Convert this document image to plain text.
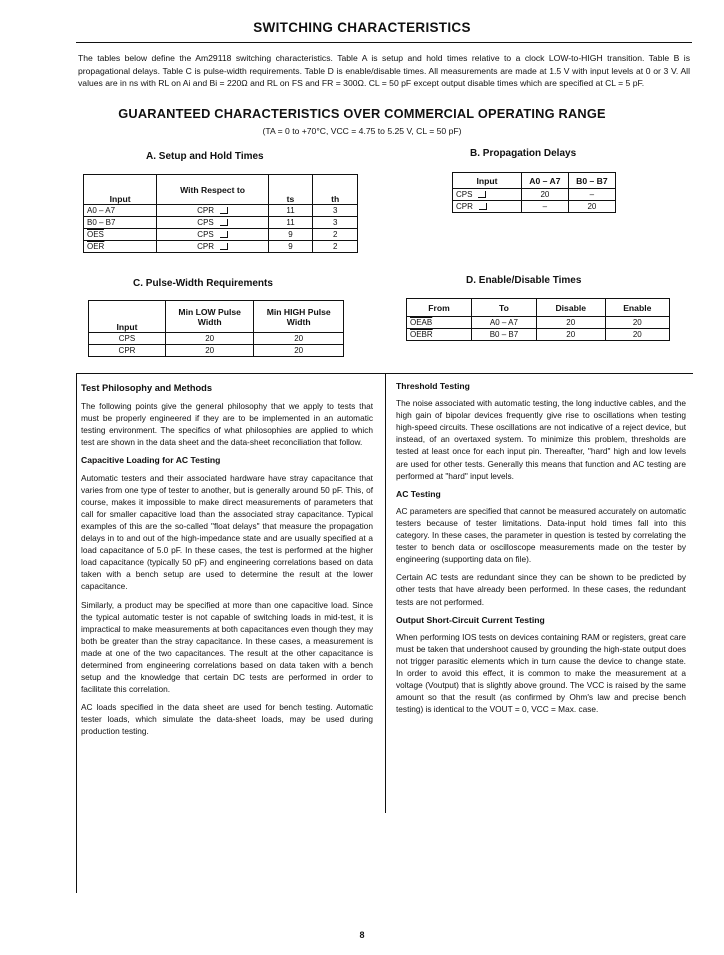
SWITCHING CHARACTERISTICS
The tables below define the Am29118 switching characteristics. Table A is setup and hold times relative to a clock LOW-to-HIGH transition. Table B is propagational delays. Table C is pulse-width requirements. Table D is enable/disable times. All measurements are made at 1.5 V with input levels at 0 or 3 V. All values are in ns with RL on Ai and Bi = 220Ω and RL on FS and FR = 300Ω. CL = 50 pF except output disable times which are specified at CL = 5 pF.
GUARANTEED CHARACTERISTICS OVER COMMERCIAL OPERATING RANGE
(TA = 0 to +70°C, VCC = 4.75 to 5.25 V, CL = 50 pF)
A. Setup and Hold Times
Input	With Respect to	ts	th
A0 – A7	CPR	11	3
B0 – B7	CPS	11	3
$\overline{OES}$	CPS	9	2
$\overline{OER}$	CPR	9	2
B. Propagation Delays
Input	A0 – A7	B0 – B7
CPS	20	–
CPR	–	20
C. Pulse-Width Requirements
Input	Min LOW Pulse Width	Min HIGH Pulse Width
CPS	20	20
CPR	20	20
D. Enable/Disable Times
From	To	Disable	Enable
OEAB	A0 – A7	20	20
OEBR	B0 – B7	20	20
Test Philosophy and Methods

The following points give the general philosophy that we apply to tests that must be properly engineered if they are to be implemented in an automatic testing environment. The specifics of what philosophies are applied to which test are shown in the data sheet and the data-sheet reconciliation that follow.

Capacitive Loading for AC Testing

Automatic testers and their associated hardware have stray capacitance that varies from one type of tester to another, but is generally around 50 pF. This, of course, makes it impossible to make direct measurements of parameters that call for smaller capacitive load than the associated stray capacitance. Typical examples of this are the so-called "float delays" that measure the propagation delays in to and out of the high-impedance state and are usually specified at a load capacitance of 5.0 pF. In these cases, the test is performed at the higher load capacitance (typically 50 pF) and engineering correlations based on data taken with a bench setup are used to determine the result at the lower capacitance.

Similarly, a product may be specified at more than one capacitive load. Since the typical automatic tester is not capable of switching loads in mid-test, it is impractical to make measurements at both capacitances even though they may both be greater than the stray capacitance. In these cases, a measurement is made at one of the two capacitances. The result at the other capacitance is determined from engineering correlations based on data taken with a bench setup and the knowledge that certain DC tests are performed in order to facilitate this correlation.

AC loads specified in the data sheet are used for bench testing. Automatic tester loads, which simulate the data-sheet loads, may be used during production testing.

Threshold Testing

The noise associated with automatic testing, the long inductive cables, and the high gain of bipolar devices frequently give rise to oscillations when testing high-speed circuits. These oscillations are not indicative of a reject device, but instead, of an overtaxed system. To minimize this problem, thresholds are tested at least once for each input pin. Thereafter, "hard" high and low levels are used for other tests. Generally this means that function and AC testing are performed at "hard" input levels.

AC Testing

AC parameters are specified that cannot be measured accurately on automatic testers because of tester limitations. Data-input hold times fall into this category. In these cases, the parameter in question is tested by correlating the tester to bench data or oscilloscope measurements made on the tester by engineering (supporting data on file).

Certain AC tests are redundant since they can be shown to be predicted by other tests that have already been performed. In these cases, the redundant tests are not performed.

Output Short-Circuit Current Testing

When performing IOS tests on devices containing RAM or registers, great care must be taken that undershoot caused by grounding the high-state output does not trigger parasitic elements which in turn cause the device to change state. In order to avoid this effect, it is common to make the measurement at a voltage (Voutput) that is slightly above ground. The VCC is raised by the same amount so that the result (as confirmed by Ohm's law and precise bench testing) is identical to the VOUT = 0, VCC = Max. case.

8
